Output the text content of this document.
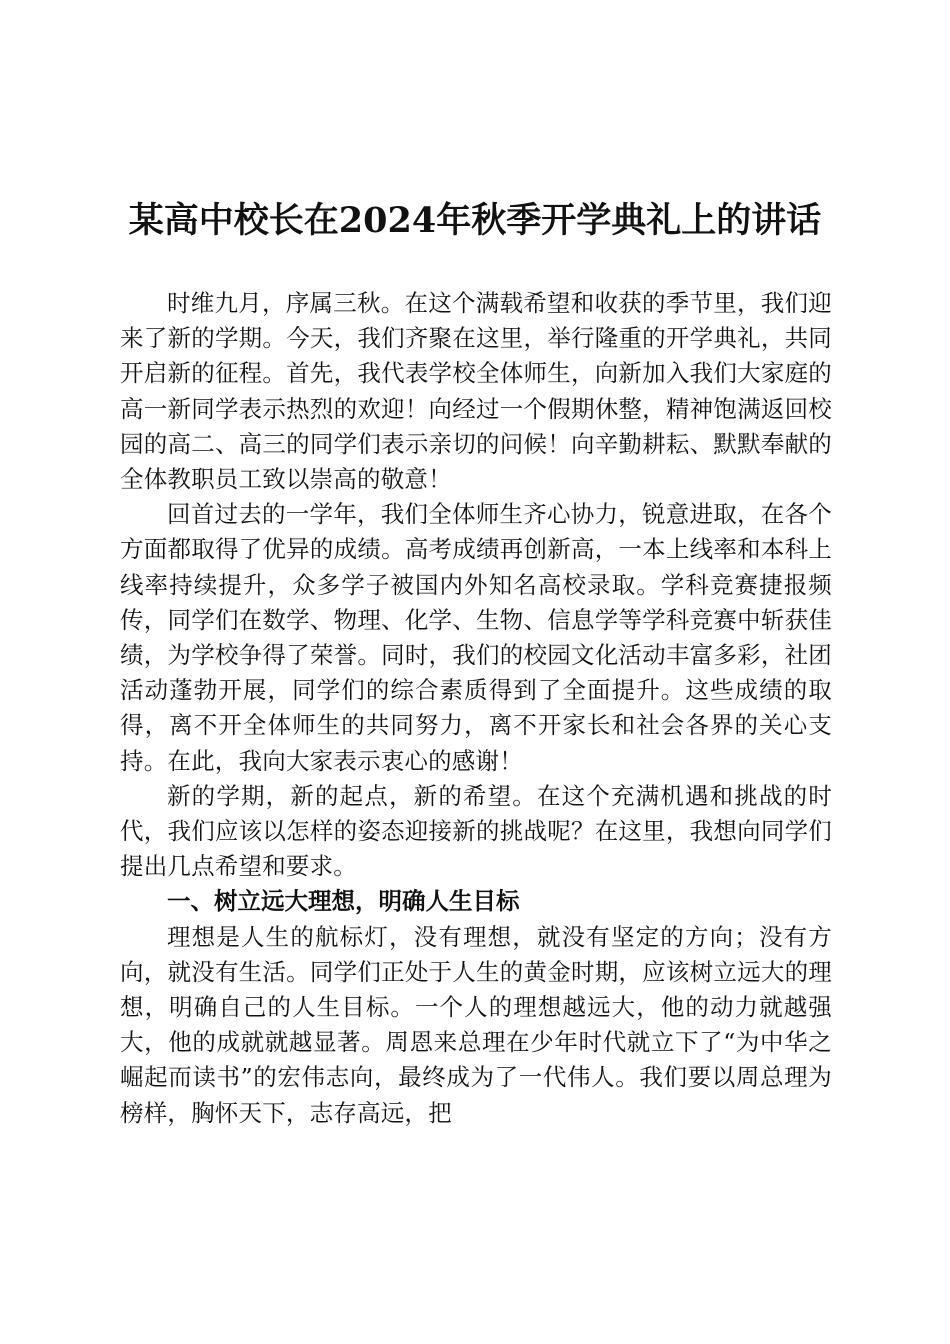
某高中校长在2024年秋季开学典礼上的讲话

时维九月，序属三秋。在这个满载希望和收获的季节里，我们迎来了新的学期。今天，我们齐聚在这里，举行隆重的开学典礼，共同开启新的征程。首先，我代表学校全体师生，向新加入我们大家庭的高一新同学表示热烈的欢迎！向经过一个假期休整，精神饱满返回校园的高二、高三的同学们表示亲切的问候！向辛勤耕耘、默默奉献的全体教职员工致以崇高的敬意！

回首过去的一学年，我们全体师生齐心协力，锐意进取，在各个方面都取得了优异的成绩。高考成绩再创新高，一本上线率和本科上线率持续提升，众多学子被国内外知名高校录取。学科竞赛捷报频传，同学们在数学、物理、化学、生物、信息学等学科竞赛中斩获佳绩，为学校争得了荣誉。同时，我们的校园文化活动丰富多彩，社团活动蓬勃开展，同学们的综合素质得到了全面提升。这些成绩的取得，离不开全体师生的共同努力，离不开家长和社会各界的关心支持。在此，我向大家表示衷心的感谢！

新的学期，新的起点，新的希望。在这个充满机遇和挑战的时代，我们应该以怎样的姿态迎接新的挑战呢？在这里，我想向同学们提出几点希望和要求。

一、树立远大理想，明确人生目标

理想是人生的航标灯，没有理想，就没有坚定的方向；没有方向，就没有生活。同学们正处于人生的黄金时期，应该树立远大的理想，明确自己的人生目标。一个人的理想越远大，他的动力就越强大，他的成就就越显著。周恩来总理在少年时代就立下了“为中华之崛起而读书”的宏伟志向，最终成为了一代伟人。我们要以周总理为榜样，胸怀天下，志存高远，把
